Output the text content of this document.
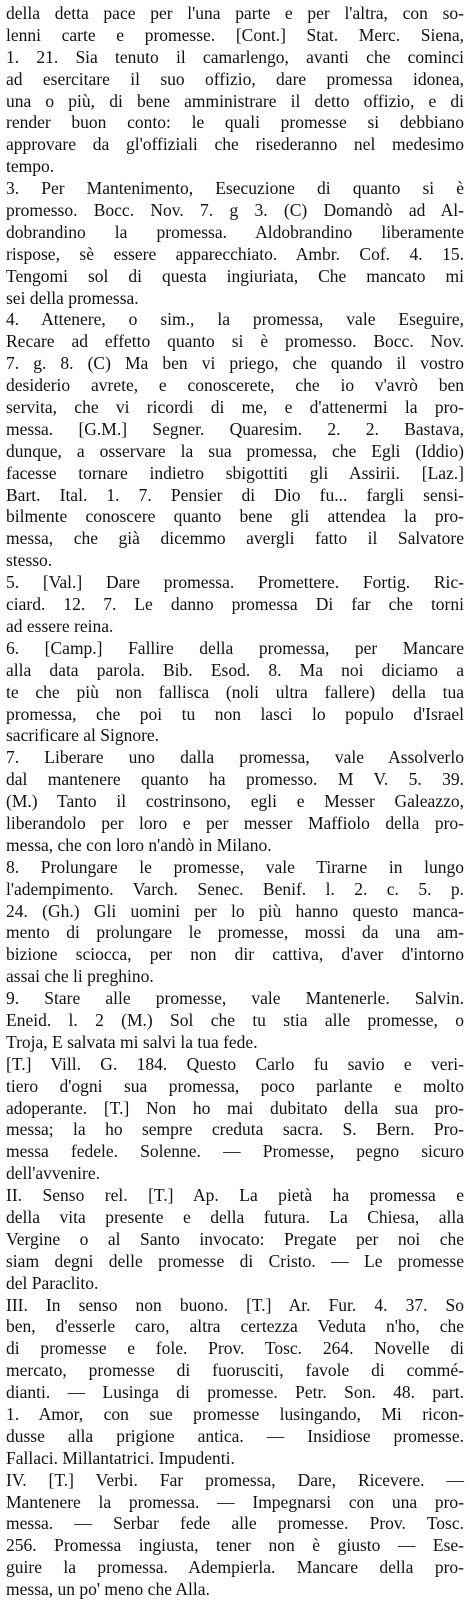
della detta pace per l'una parte e per l'altra, con so-
lenni carte e promesse. [Cont.] Stat. Merc. Siena,
1. 21. Sia tenuto il camarlengo, avanti che cominci
ad esercitare il suo offizio, dare promessa idonea,
una o più, di bene amministrare il detto offizio, e di
render buon conto: le quali promesse si debbiano
approvare da gl'offiziali che risederanno nel medesimo
tempo.
3. Per Mantenimento, Esecuzione di quanto si è
promesso. Bocc. Nov. 7. g 3. (C) Domandò ad Al-
dobrandino la promessa. Aldobrandino liberamente
rispose, sè essere apparecchiato. Ambr. Cof. 4. 15.
Tengomi sol di questa ingiuriata, Che mancato mi
sei della promessa.
4. Attenere, o sim., la promessa, vale Eseguire,
Recare ad effetto quanto si è promesso. Bocc. Nov.
7. g. 8. (C) Ma ben vi priego, che quando il vostro
desiderio avrete, e conoscerete, che io v'avrò ben
servita, che vi ricordi di me, e d'attenermi la pro-
messa. [G.M.] Segner. Quaresim. 2. 2. Bastava,
dunque, a osservare la sua promessa, che Egli (Iddio)
facesse tornare indietro sbigottiti gli Assirii. [Laz.]
Bart. Ital. 1. 7. Pensier di Dio fu... fargli sensi-
bilmente conoscere quanto bene gli attendea la pro-
messa, che già dicemmo avergli fatto il Salvatore
stesso.
5. [Val.] Dare promessa. Promettere. Fortig. Ric-
ciard. 12. 7. Le danno promessa Di far che torni
ad essere reina.
6. [Camp.] Fallire della promessa, per Mancare
alla data parola. Bib. Esod. 8. Ma noi diciamo a
te che più non fallisca (noli ultra fallere) della tua
promessa, che poi tu non lasci lo populo d'Israel
sacrificare al Signore.
7. Liberare uno dalla promessa, vale Assolverlo
dal mantenere quanto ha promesso. M V. 5. 39.
(M.) Tanto il costrinsono, egli e Messer Galeazzo,
liberandolo per loro e per messer Maffiolo della pro-
messa, che con loro n'andò in Milano.
8. Prolungare le promesse, vale Tirarne in lungo
l'adempimento. Varch. Senec. Benif. l. 2. c. 5. p.
24. (Gh.) Gli uomini per lo più hanno questo manca-
mento di prolungare le promesse, mossi da una am-
bizione sciocca, per non dir cattiva, d'aver d'intorno
assai che li preghino.
9. Stare alle promesse, vale Mantenerle. Salvin.
Eneid. l. 2 (M.) Sol che tu stia alle promesse, o
Troja, E salvata mi salvi la tua fede.
[T.] Vill. G. 184. Questo Carlo fu savio e veri-
tiero d'ogni sua promessa, poco parlante e molto
adoperante. [T.] Non ho mai dubitato della sua pro-
messa; la ho sempre creduta sacra. S. Bern. Pro-
messa fedele. Solenne. — Promesse, pegno sicuro
dell'avvenire.
II. Senso rel. [T.] Ap. La pietà ha promessa e
della vita presente e della futura. La Chiesa, alla
Vergine o al Santo invocato: Pregate per noi che
siam degni delle promesse di Cristo. — Le promesse
del Paraclito.
III. In senso non buono. [T.] Ar. Fur. 4. 37. So
ben, d'esserle caro, altra certezza Veduta n'ho, che
di promesse e fole. Prov. Tosc. 264. Novelle di
mercato, promesse di fuorusciti, favole di commé-
dianti. — Lusinga di promesse. Petr. Son. 48. part.
1. Amor, con sue promesse lusingando, Mi ricon-
dusse alla prigione antica. — Insidiose promesse.
Fallaci. Millantatrici. Impudenti.
IV. [T.] Verbi. Far promessa, Dare, Ricevere. —
Mantenere la promessa. — Impegnarsi con una pro-
messa. — Serbar fede alle promesse. Prov. Tosc.
256. Promessa ingiusta, tener non è giusto — Ese-
guire la promessa. Adempierla. Mancare della pro-
messa, un po' meno che Alla.
